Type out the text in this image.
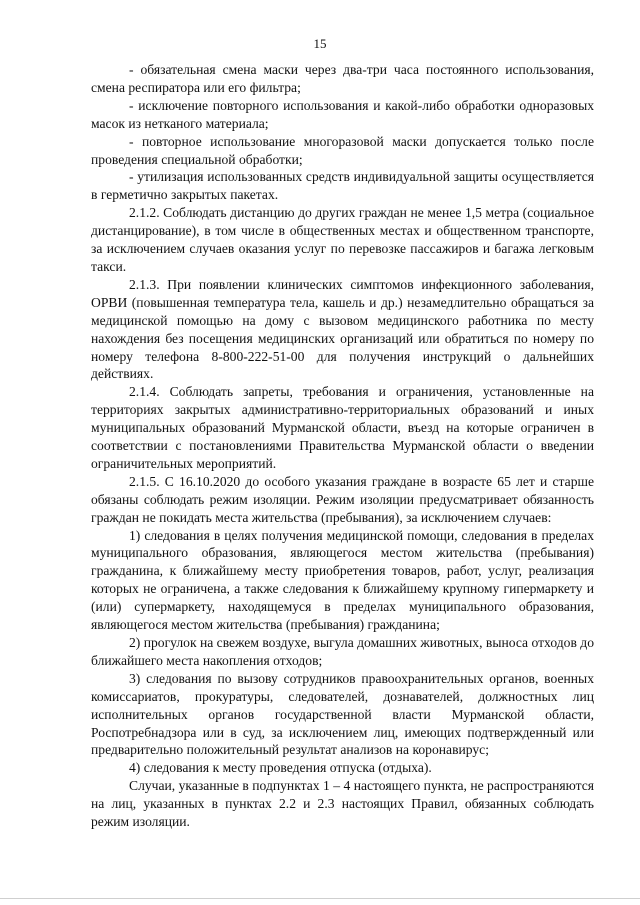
15

- обязательная смена маски через два-три часа постоянного использования, смена респиратора или его фильтра;

- исключение повторного использования и какой-либо обработки одноразовых масок из нетканого материала;

- повторное использование многоразовой маски допускается только после проведения специальной обработки;

- утилизация использованных средств индивидуальной защиты осуществляется в герметично закрытых пакетах.

2.1.2. Соблюдать дистанцию до других граждан не менее 1,5 метра (социальное дистанцирование), в том числе в общественных местах и общественном транспорте, за исключением случаев оказания услуг по перевозке пассажиров и багажа легковым такси.

2.1.3. При появлении клинических симптомов инфекционного заболевания, ОРВИ (повышенная температура тела, кашель и др.) незамедлительно обращаться за медицинской помощью на дому с вызовом медицинского работника по месту нахождения без посещения медицинских организаций или обратиться по номеру по номеру телефона 8-800-222-51-00 для получения инструкций о дальнейших действиях.

2.1.4. Соблюдать запреты, требования и ограничения, установленные на территориях закрытых административно-территориальных образований и иных муниципальных образований Мурманской области, въезд на которые ограничен в соответствии с постановлениями Правительства Мурманской области о введении ограничительных мероприятий.

2.1.5. С 16.10.2020 до особого указания граждане в возрасте 65 лет и старше обязаны соблюдать режим изоляции. Режим изоляции предусматривает обязанность граждан не покидать места жительства (пребывания), за исключением случаев:

1) следования в целях получения медицинской помощи, следования в пределах муниципального образования, являющегося местом жительства (пребывания) гражданина, к ближайшему месту приобретения товаров, работ, услуг, реализация которых не ограничена, а также следования к ближайшему крупному гипермаркету и (или) супермаркету, находящемуся в пределах муниципального образования, являющегося местом жительства (пребывания) гражданина;

2) прогулок на свежем воздухе, выгула домашних животных, выноса отходов до ближайшего места накопления отходов;

3) следования по вызову сотрудников правоохранительных органов, военных комиссариатов, прокуратуры, следователей, дознавателей, должностных лиц исполнительных органов государственной власти Мурманской области, Роспотребнадзора или в суд, за исключением лиц, имеющих подтвержденный или предварительно положительный результат анализов на коронавирус;

4) следования к месту проведения отпуска (отдыха).

Случаи, указанные в подпунктах 1 – 4 настоящего пункта, не распространяются на лиц, указанных в пунктах 2.2 и 2.3 настоящих Правил, обязанных соблюдать режим изоляции.
